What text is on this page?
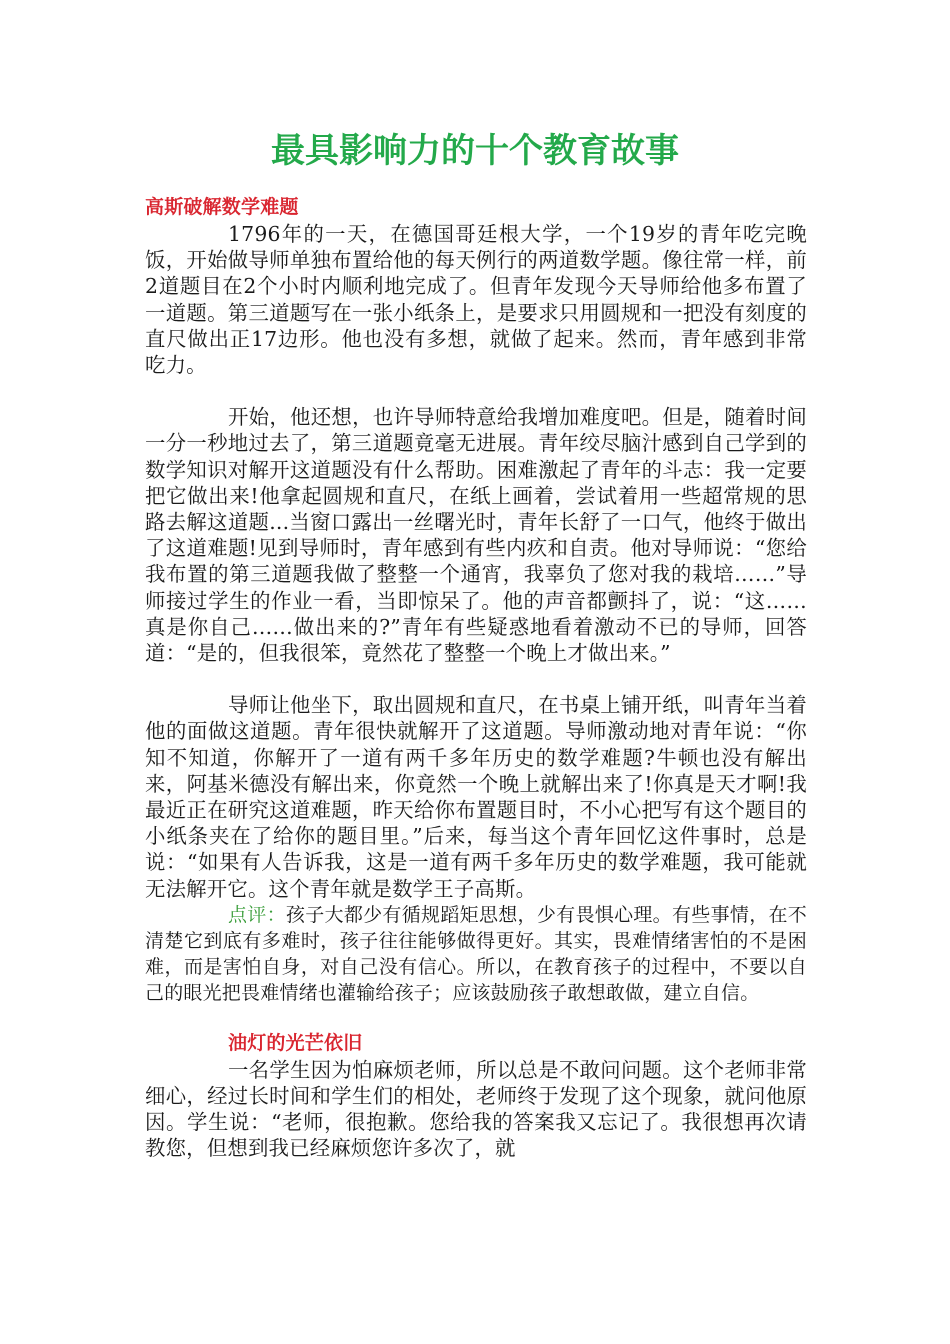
最具影响力的十个教育故事
高斯破解数学难题

1796年的一天，在德国哥廷根大学，一个19岁的青年吃完晚饭，开始做导师单独布置给他的每天例行的两道数学题。像往常一样，前2道题目在2个小时内顺利地完成了。但青年发现今天导师给他多布置了一道题。第三道题写在一张小纸条上，是要求只用圆规和一把没有刻度的直尺做出正17边形。他也没有多想，就做了起来。然而，青年感到非常吃力。

开始，他还想，也许导师特意给我增加难度吧。但是，随着时间一分一秒地过去了，第三道题竟毫无进展。青年绞尽脑汁感到自己学到的数学知识对解开这道题没有什么帮助。困难激起了青年的斗志：我一定要把它做出来!他拿起圆规和直尺，在纸上画着，尝试着用一些超常规的思路去解这道题...当窗口露出一丝曙光时，青年长舒了一口气，他终于做出了这道难题!见到导师时，青年感到有些内疚和自责。他对导师说：“您给我布置的第三道题我做了整整一个通宵，我辜负了您对我的栽培……”导师接过学生的作业一看，当即惊呆了。他的声音都颤抖了，说：“这……真是你自己……做出来的?”青年有些疑惑地看着激动不已的导师，回答道：“是的，但我很笨，竟然花了整整一个晚上才做出来。”

导师让他坐下，取出圆规和直尺，在书桌上铺开纸，叫青年当着他的面做这道题。青年很快就解开了这道题。导师激动地对青年说：“你知不知道，你解开了一道有两千多年历史的数学难题?牛顿也没有解出来，阿基米德没有解出来，你竟然一个晚上就解出来了!你真是天才啊!我最近正在研究这道难题，昨天给你布置题目时，不小心把写有这个题目的小纸条夹在了给你的题目里。”后来，每当这个青年回忆这件事时，总是说：“如果有人告诉我，这是一道有两千多年历史的数学难题，我可能就无法解开它。这个青年就是数学王子高斯。

点评：孩子大都少有循规蹈矩思想，少有畏惧心理。有些事情，在不清楚它到底有多难时，孩子往往能够做得更好。其实，畏难情绪害怕的不是困难，而是害怕自身，对自己没有信心。所以，在教育孩子的过程中，不要以自己的眼光把畏难情绪也灌输给孩子；应该鼓励孩子敢想敢做，建立自信。

油灯的光芒依旧

一名学生因为怕麻烦老师，所以总是不敢问问题。这个老师非常细心，经过长时间和学生们的相处，老师终于发现了这个现象，就问他原因。学生说：“老师，很抱歉。您给我的答案我又忘记了。我很想再次请教您，但想到我已经麻烦您许多次了，就
